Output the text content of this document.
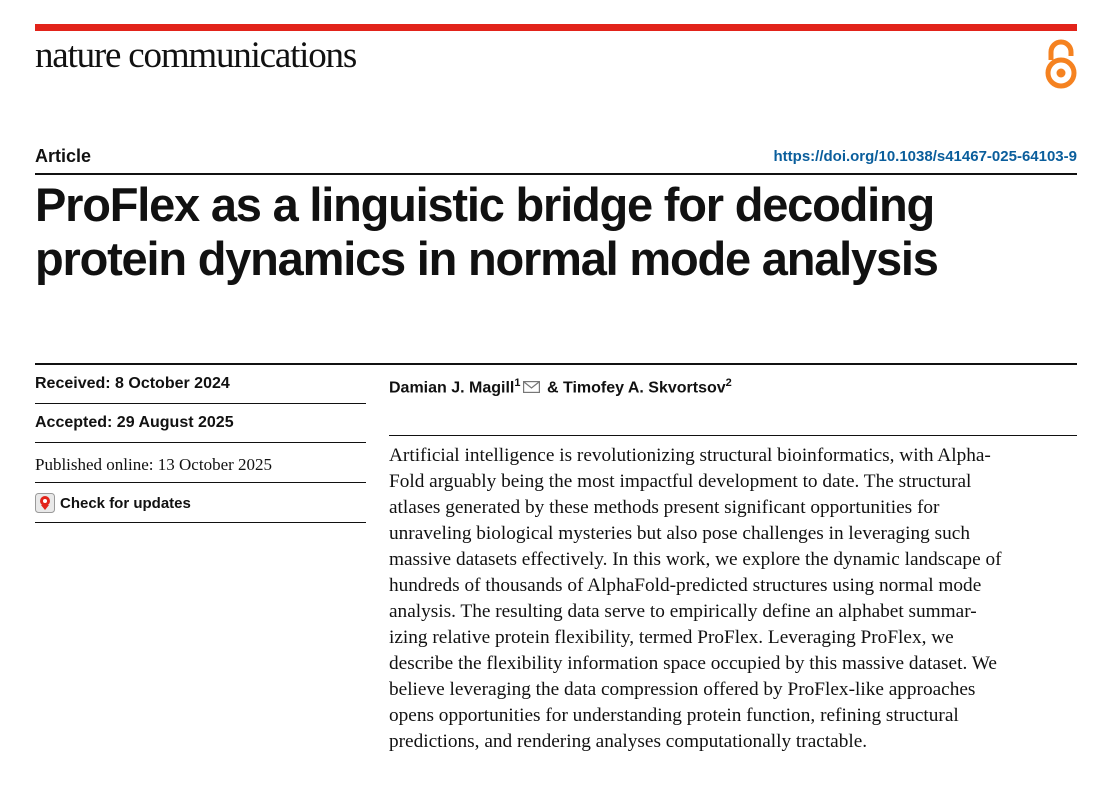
nature communications
Article	https://doi.org/10.1038/s41467-025-64103-9
ProFlex as a linguistic bridge for decoding protein dynamics in normal mode analysis
Received: 8 October 2024
Accepted: 29 August 2025
Published online: 13 October 2025
Check for updates
Damian J. Magill$^1$ & Timofey A. Skvortsov$^2$

Artificial intelligence is revolutionizing structural bioinformatics, with Alpha-
Fold arguably being the most impactful development to date. The structural
atlases generated by these methods present significant opportunities for
unraveling biological mysteries but also pose challenges in leveraging such
massive datasets effectively. In this work, we explore the dynamic landscape of
hundreds of thousands of AlphaFold-predicted structures using normal mode
analysis. The resulting data serve to empirically define an alphabet summar-
izing relative protein flexibility, termed ProFlex. Leveraging ProFlex, we
describe the flexibility information space occupied by this massive dataset. We
believe leveraging the data compression offered by ProFlex-like approaches
opens opportunities for understanding protein function, refining structural
predictions, and rendering analyses computationally tractable.
